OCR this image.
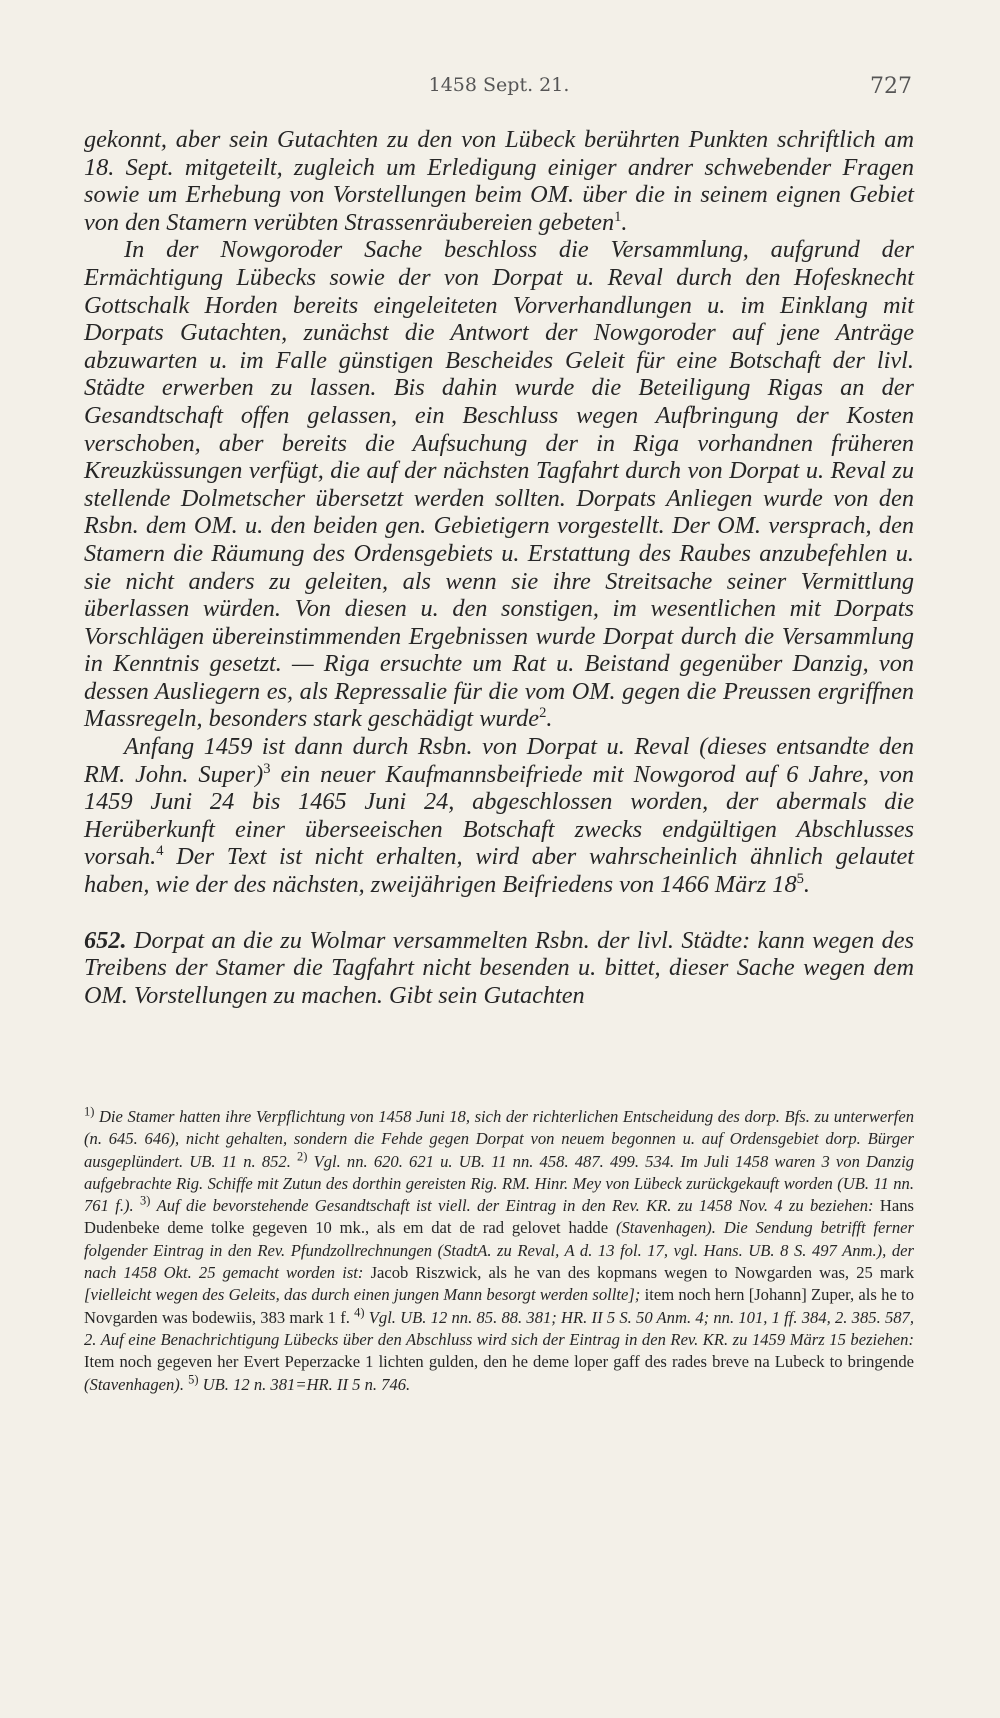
1458 Sept. 21.	727

gekonnt, aber sein Gutachten zu den von Lübeck berührten Punkten schriftlich am 18. Sept. mitgeteilt, zugleich um Erledigung einiger andrer schwebender Fragen sowie um Erhebung von Vorstellungen beim OM. über die in seinem eignen Gebiet von den Stamern verübten Strassenräubereien gebeten$^1$.

In der Nowgoroder Sache beschloss die Versammlung, aufgrund der Ermächtigung Lübecks sowie der von Dorpat u. Reval durch den Hofesknecht Gottschalk Horden bereits eingeleiteten Vorverhandlungen u. im Einklang mit Dorpats Gutachten, zunächst die Antwort der Nowgoroder auf jene Anträge abzuwarten u. im Falle günstigen Bescheides Geleit für eine Botschaft der livl. Städte erwerben zu lassen. Bis dahin wurde die Beteiligung Rigas an der Gesandtschaft offen gelassen, ein Beschluss wegen Aufbringung der Kosten verschoben, aber bereits die Aufsuchung der in Riga vorhandnen früheren Kreuzküssungen verfügt, die auf der nächsten Tagfahrt durch von Dorpat u. Reval zu stellende Dolmetscher übersetzt werden sollten. Dorpats Anliegen wurde von den Rsbn. dem OM. u. den beiden gen. Gebietigern vorgestellt. Der OM. versprach, den Stamern die Räumung des Ordensgebiets u. Erstattung des Raubes anzubefehlen u. sie nicht anders zu geleiten, als wenn sie ihre Streitsache seiner Vermittlung überlassen würden. Von diesen u. den sonstigen, im wesentlichen mit Dorpats Vorschlägen übereinstimmenden Ergebnissen wurde Dorpat durch die Versammlung in Kenntnis gesetzt. — Riga ersuchte um Rat u. Beistand gegenüber Danzig, von dessen Ausliegern es, als Repressalie für die vom OM. gegen die Preussen ergriffnen Massregeln, besonders stark geschädigt wurde$^2$.

Anfang 1459 ist dann durch Rsbn. von Dorpat u. Reval (dieses entsandte den RM. John. Super)$^3$ ein neuer Kaufmannsbeifriede mit Nowgorod auf 6 Jahre, von 1459 Juni 24 bis 1465 Juni 24, abgeschlossen worden, der abermals die Herüberkunft einer überseeischen Botschaft zwecks endgültigen Abschlusses vorsah.$^4$ Der Text ist nicht erhalten, wird aber wahrscheinlich ähnlich gelautet haben, wie der des nächsten, zweijährigen Beifriedens von 1466 März $18^5$.

652. Dorpat an die zu Wolmar versammelten Rsbn. der livl. Städte: kann wegen des Treibens der Stamer die Tagfahrt nicht besenden u. bittet, dieser Sache wegen dem OM. Vorstellungen zu machen. Gibt sein Gutachten

$^{1)}$ Die Stamer hatten ihre Verpflichtung von 1458 Juni 18, sich der richterlichen Entscheidung des dorp. Bfs. zu unterwerfen (n. 645. 646), nicht gehalten, sondern die Fehde gegen Dorpat von neuem begonnen u. auf Ordensgebiet dorp. Bürger ausgeplündert. UB. 11 n. 852. $^{2)}$ Vgl. nn. 620. 621 u. UB. 11 nn. 458. 487. 499. 534. Im Juli 1458 waren 3 von Danzig aufgebrachte Rig. Schiffe mit Zutun des dorthin gereisten Rig. RM. Hinr. Mey von Lübeck zurückgekauft worden (UB. 11 nn. 761 f.). $^{3)}$ Auf die bevorstehende Gesandtschaft ist viell. der Eintrag in den Rev. KR. zu 1458 Nov. 4 zu beziehen: Hans Dudenbeke deme tolke gegeven 10 mk., als em dat de rad gelovet hadde (Stavenhagen). Die Sendung betrifft ferner folgender Eintrag in den Rev. Pfundzollrechnungen (StadtA. zu Reval, A d. 13 fol. 17, vgl. Hans. UB. 8 S. 497 Anm.), der nach 1458 Okt. 25 gemacht worden ist: Jacob Riszwick, als he van des kopmans wegen to Nowgarden was, 25 mark [vielleicht wegen des Geleits, das durch einen jungen Mann besorgt werden sollte]; item noch hern [Johann] Zuper, als he to Novgarden was bodewiis, 383 mark 1 f. $^{4)}$ Vgl. UB. 12 nn. 85. 88. 381; HR. II 5 S. 50 Anm. 4; nn. 101, 1 ff. 384, 2. 385. 587, 2. Auf eine Benachrichtigung Lübecks über den Abschluss wird sich der Eintrag in den Rev. KR. zu 1459 März 15 beziehen: Item noch gegeven her Evert Peperzacke 1 lichten gulden, den he deme loper gaff des rades breve na Lubeck to bringende (Stavenhagen). $^{5)}$ UB. 12 n. 381=HR. II 5 n. 746.
